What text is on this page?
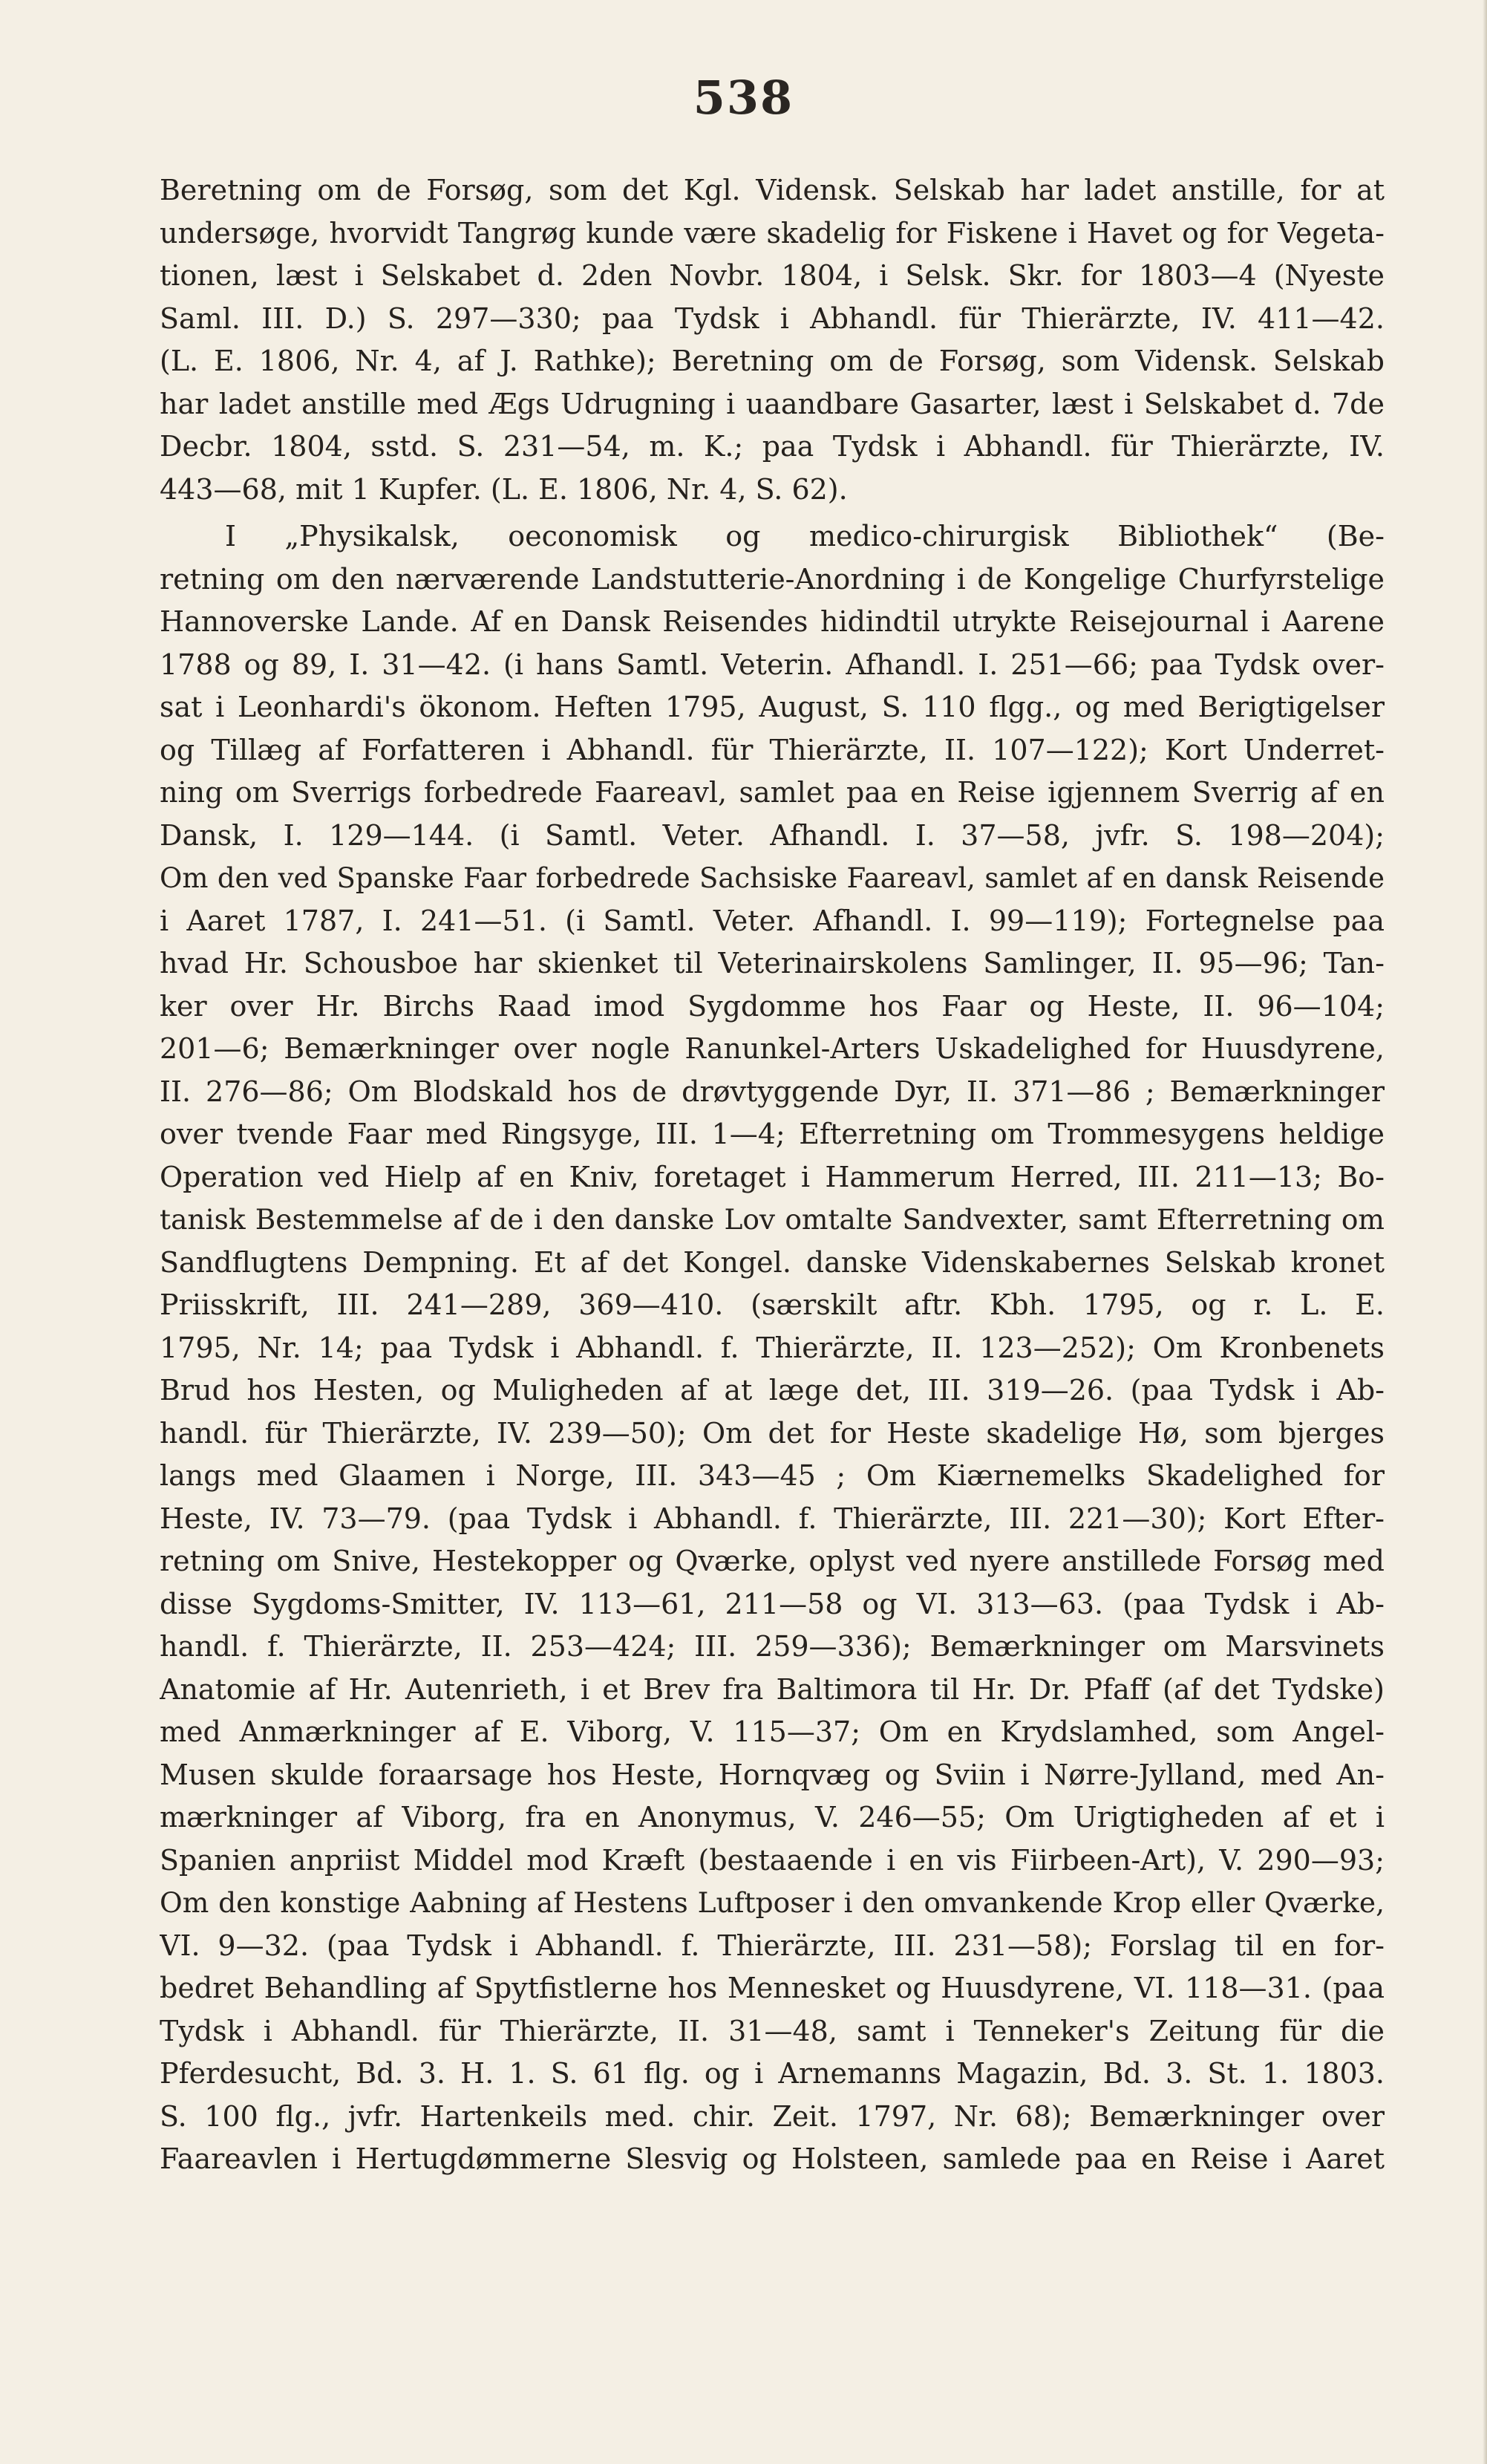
538
Beretning om de Forsøg, som det Kgl. Vidensk. Selskab har ladet anstille, for at
undersøge, hvorvidt Tangrøg kunde være skadelig for Fiskene i Havet og for Vegeta-
tionen, læst i Selskabet d. 2den Novbr. 1804, i Selsk. Skr. for 1803—4 (Nyeste
Saml. III. D.) S. 297—330; paa Tydsk i Abhandl. für Thierärzte, IV. 411—42.
(L. E. 1806, Nr. 4, af J. Rathke); Beretning om de Forsøg, som Vidensk. Selskab
har ladet anstille med Ægs Udrugning i uaandbare Gasarter, læst i Selskabet d. 7de
Decbr. 1804, sstd. S. 231—54, m. K.; paa Tydsk i Abhandl. für Thierärzte, IV.
443—68, mit 1 Kupfer. (L. E. 1806, Nr. 4, S. 62).
I „Physikalsk, oeconomisk og medico-chirurgisk Bibliothek“ (Be-
retning om den nærværende Landstutterie-Anordning i de Kongelige Churfyrstelige
Hannoverske Lande. Af en Dansk Reisendes hidindtil utrykte Reisejournal i Aarene
1788 og 89, I. 31—42. (i hans Samtl. Veterin. Afhandl. I. 251—66; paa Tydsk over-
sat i Leonhardi's ökonom. Heften 1795, August, S. 110 flgg., og med Berigtigelser
og Tillæg af Forfatteren i Abhandl. für Thierärzte, II. 107—122); Kort Underret-
ning om Sverrigs forbedrede Faareavl, samlet paa en Reise igjennem Sverrig af en
Dansk, I. 129—144. (i Samtl. Veter. Afhandl. I. 37—58, jvfr. S. 198—204);
Om den ved Spanske Faar forbedrede Sachsiske Faareavl, samlet af en dansk Reisende
i Aaret 1787, I. 241—51. (i Samtl. Veter. Afhandl. I. 99—119); Fortegnelse paa
hvad Hr. Schousboe har skienket til Veterinairskolens Samlinger, II. 95—96; Tan-
ker over Hr. Birchs Raad imod Sygdomme hos Faar og Heste, II. 96—104;
201—6; Bemærkninger over nogle Ranunkel-Arters Uskadelighed for Huusdyrene,
II. 276—86; Om Blodskald hos de drøvtyggende Dyr, II. 371—86 ; Bemærkninger
over tvende Faar med Ringsyge, III. 1—4; Efterretning om Trommesygens heldige
Operation ved Hielp af en Kniv, foretaget i Hammerum Herred, III. 211—13; Bo-
tanisk Bestemmelse af de i den danske Lov omtalte Sandvexter, samt Efterretning om
Sandflugtens Dempning. Et af det Kongel. danske Videnskabernes Selskab kronet
Priisskrift, III. 241—289, 369—410. (særskilt aftr. Kbh. 1795, og r. L. E.
1795, Nr. 14; paa Tydsk i Abhandl. f. Thierärzte, II. 123—252); Om Kronbenets
Brud hos Hesten, og Muligheden af at læge det, III. 319—26. (paa Tydsk i Ab-
handl. für Thierärzte, IV. 239—50); Om det for Heste skadelige Hø, som bjerges
langs med Glaamen i Norge, III. 343—45 ; Om Kiærnemelks Skadelighed for
Heste, IV. 73—79. (paa Tydsk i Abhandl. f. Thierärzte, III. 221—30); Kort Efter-
retning om Snive, Hestekopper og Qværke, oplyst ved nyere anstillede Forsøg med
disse Sygdoms-Smitter, IV. 113—61, 211—58 og VI. 313—63. (paa Tydsk i Ab-
handl. f. Thierärzte, II. 253—424; III. 259—336); Bemærkninger om Marsvinets
Anatomie af Hr. Autenrieth, i et Brev fra Baltimora til Hr. Dr. Pfaff (af det Tydske)
med Anmærkninger af E. Viborg, V. 115—37; Om en Krydslamhed, som Angel-
Musen skulde foraarsage hos Heste, Hornqvæg og Sviin i Nørre-Jylland, med An-
mærkninger af Viborg, fra en Anonymus, V. 246—55; Om Urigtigheden af et i
Spanien anpriist Middel mod Kræft (bestaaende i en vis Fiirbeen-Art), V. 290—93;
Om den konstige Aabning af Hestens Luftposer i den omvankende Krop eller Qværke,
VI. 9—32. (paa Tydsk i Abhandl. f. Thierärzte, III. 231—58); Forslag til en for-
bedret Behandling af Spytfistlerne hos Mennesket og Huusdyrene, VI. 118—31. (paa
Tydsk i Abhandl. für Thierärzte, II. 31—48, samt i Tenneker's Zeitung für die
Pferdesucht, Bd. 3. H. 1. S. 61 flg. og i Arnemanns Magazin, Bd. 3. St. 1. 1803.
S. 100 flg., jvfr. Hartenkeils med. chir. Zeit. 1797, Nr. 68); Bemærkninger over
Faareavlen i Hertugdømmerne Slesvig og Holsteen, samlede paa en Reise i Aaret
